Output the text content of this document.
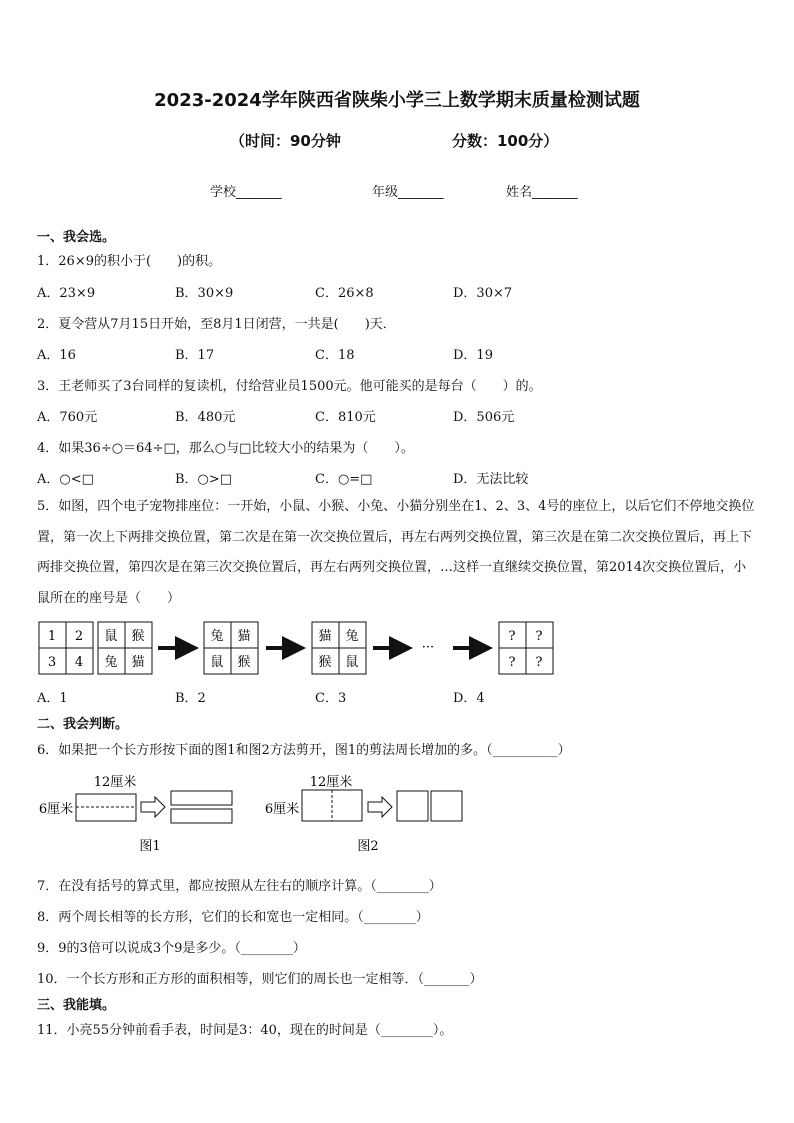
2023-2024学年陕西省陕柴小学三上数学期末质量检测试题
（时间：90分钟	分数：100分）
学校_______	年级_______	姓名_______
一、我会选。
1．26×9的积小于(　　)的积。
A．23×9	B．30×9	C．26×8	D．30×7
2．夏令营从7月15日开始，至8月1日闭营，一共是(　　)天．
A．16	B．17	C．18	D．19
3．王老师买了3台同样的复读机，付给营业员1500元。他可能买的是每台（　　）的。
A．760元	B．480元	C．810元	D．506元
4．如果36÷○＝64÷□，那么○与□比较大小的结果为（　　）。
A．○<□	B．○>□	C．○=□	D．无法比较
5．如图，四个电子宠物排座位：一开始，小鼠、小猴、小兔、小猫分别坐在1、2、3、4号的座位上，以后它们不停地交换位置，第一次上下两排交换位置，第二次是在第一次交换位置后，再左右两列交换位置，第三次是在第二次交换位置后，再上下两排交换位置，第四次是在第三次交换位置后，再左右两列交换位置，…这样一直继续交换位置，第2014次交换位置后，小鼠所在的座号是（　　）
1 2
3 4
鼠 猴
兔 猫
兔 猫
鼠 猴
猫 兔
猴 鼠
···
? ?
? ?
A．1	B．2	C．3	D．4
二、我会判断。
6．如果把一个长方形按下面的图1和图2方法剪开，图1的剪法周长增加的多。（__________）
12厘米
6厘米
图1
12厘米
6厘米
图2
7．在没有括号的算式里，都应按照从左往右的顺序计算。（________）
8．两个周长相等的长方形，它们的长和宽也一定相同。（________）
9．9的3倍可以说成3个9是多少。（________）
10．一个长方形和正方形的面积相等，则它们的周长也一定相等．（_______）
三、我能填。
11．小亮55分钟前看手表，时间是3：40，现在的时间是（________）。
